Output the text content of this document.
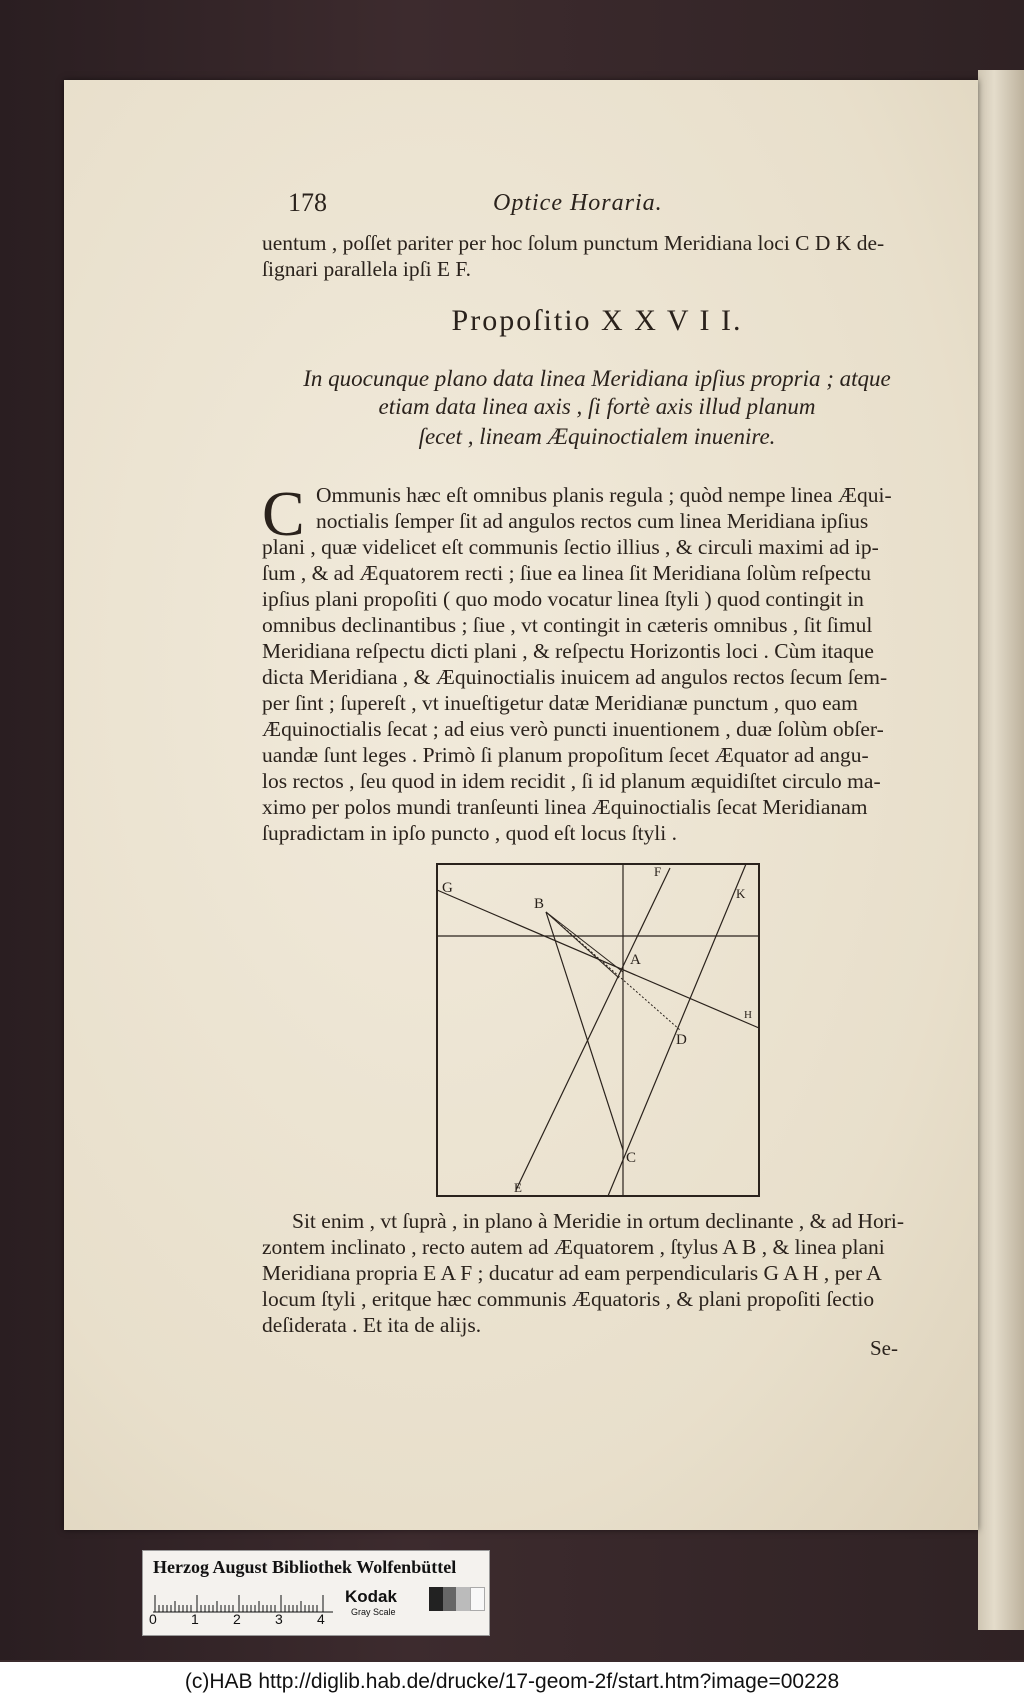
178	Optice Horaria.
uentum , poſſet pariter per hoc ſolum punctum Meridiana loci C D K de-
ſignari parallela ipſi E F.
Propoſitio X X V I I.
In quocunque plano data linea Meridiana ipſius propria ; atque
etiam data linea axis , ſi fortè axis illud planum
ſecet , lineam Æquinoctialem inuenire.
C Ommunis hæc eſt omnibus planis regula ; quòd nempe linea Æqui-
noctialis ſemper ſit ad angulos rectos cum linea Meridiana ipſius
plani , quæ videlicet eſt communis ſectio illius , & circuli maximi ad ip-
ſum , & ad Æquatorem recti ; ſiue ea linea ſit Meridiana ſolùm reſpectu
ipſius plani propoſiti ( quo modo vocatur linea ſtyli ) quod contingit in
omnibus declinantibus ; ſiue , vt contingit in cæteris omnibus , ſit ſimul
Meridiana reſpectu dicti plani , & reſpectu Horizontis loci . Cùm itaque
dicta Meridiana , & Æquinoctialis inuicem ad angulos rectos ſecum ſem-
per ſint ; ſupereſt , vt inueſtigetur datæ Meridianæ punctum , quo eam
Æquinoctialis ſecat ; ad eius verò puncti inuentionem , duæ ſolùm obſer-
uandæ ſunt leges . Primò ſi planum propoſitum ſecet Æquator ad angu-
los rectos , ſeu quod in idem recidit , ſi id planum æquidiſtet circulo ma-
ximo per polos mundi tranſeunti linea Æquinoctialis ſecat Meridianam
ſupradictam in ipſo puncto , quod eſt locus ſtyli .
G
B
F
K
A
H
D
C
E
Sit enim , vt ſuprà , in plano à Meridie in ortum declinante , & ad Hori-
zontem inclinato , recto autem ad Æquatorem , ſtylus A B , & linea plani
Meridiana propria E A F ; ducatur ad eam perpendicularis G A H , per A
locum ſtyli , eritque hæc communis Æquatoris , & plani propoſiti ſectio
deſiderata . Et ita de alijs.
Se-
Herzog August Bibliothek Wolfenbüttel
0 1 2 3 4
Kodak
Gray Scale
(c)HAB http://diglib.hab.de/drucke/17-geom-2f/start.htm?image=00228
